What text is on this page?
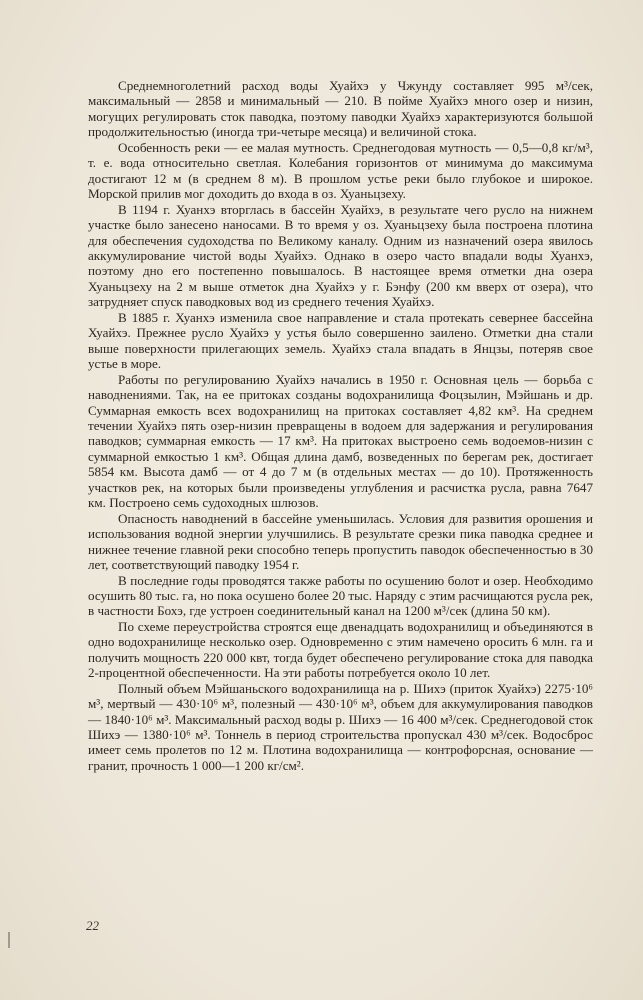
Среднемноголетний расход воды Хуайхэ у Чжунду составляет 995 м³/сек, максимальный — 2858 и минимальный — 210. В пойме Хуайхэ много озер и низин, могущих регулировать сток паводка, поэтому паводки Хуайхэ характеризуются большой продолжительностью (иногда три-четыре месяца) и величиной стока.

Особенность реки — ее малая мутность. Среднегодовая мутность — 0,5—0,8 кг/м³, т. е. вода относительно светлая. Колебания горизонтов от минимума до максимума достигают 12 м (в среднем 8 м). В прошлом устье реки было глубокое и широкое. Морской прилив мог доходить до входа в оз. Хуаньцзеху.

В 1194 г. Хуанхэ вторглась в бассейн Хуайхэ, в результате чего русло на нижнем участке было занесено наносами. В то время у оз. Хуаньцзеху была построена плотина для обеспечения судоходства по Великому каналу. Одним из назначений озера явилось аккумулирование чистой воды Хуайхэ. Однако в озеро часто впадали воды Хуанхэ, поэтому дно его постепенно повышалось. В настоящее время отметки дна озера Хуаньцзеху на 2 м выше отметок дна Хуайхэ у г. Бэнфу (200 км вверх от озера), что затрудняет спуск паводковых вод из среднего течения Хуайхэ.

В 1885 г. Хуанхэ изменила свое направление и стала протекать севернее бассейна Хуайхэ. Прежнее русло Хуайхэ у устья было совершенно заилено. Отметки дна стали выше поверхности прилегающих земель. Хуайхэ стала впадать в Янцзы, потеряв свое устье в море.

Работы по регулированию Хуайхэ начались в 1950 г. Основная цель — борьба с наводнениями. Так, на ее притоках созданы водохранилища Фоцзылин, Мэйшань и др. Суммарная емкость всех водохранилищ на притоках составляет 4,82 км³. На среднем течении Хуайхэ пять озер-низин превращены в водоем для задержания и регулирования паводков; суммарная емкость — 17 км³. На притоках выстроено семь водоемов-низин с суммарной емкостью 1 км³. Общая длина дамб, возведенных по берегам рек, достигает 5854 км. Высота дамб — от 4 до 7 м (в отдельных местах — до 10). Протяженность участков рек, на которых были произведены углубления и расчистка русла, равна 7647 км. Построено семь судоходных шлюзов.

Опасность наводнений в бассейне уменьшилась. Условия для развития орошения и использования водной энергии улучшились. В результате срезки пика паводка среднее и нижнее течение главной реки способно теперь пропустить паводок обеспеченностью в 30 лет, соответствующий паводку 1954 г.

В последние годы проводятся также работы по осушению болот и озер. Необходимо осушить 80 тыс. га, но пока осушено более 20 тыс. Наряду с этим расчищаются русла рек, в частности Бохэ, где устроен соединительный канал на 1200 м³/сек (длина 50 км).

По схеме переустройства строятся еще двенадцать водохранилищ и объединяются в одно водохранилище несколько озер. Одновременно с этим намечено оросить 6 млн. га и получить мощность 220 000 квт, тогда будет обеспечено регулирование стока для паводка 2-процентной обеспеченности. На эти работы потребуется около 10 лет.

Полный объем Мэйшаньского водохранилища на р. Шихэ (приток Хуайхэ) 2275·10⁶ м³, мертвый — 430·10⁶ м³, полезный — 430·10⁶ м³, объем для аккумулирования паводков — 1840·10⁶ м³. Максимальный расход воды р. Шихэ — 16 400 м³/сек. Среднегодовой сток Шихэ — 1380·10⁶ м³. Тоннель в период строительства пропускал 430 м³/сек. Водосброс имеет семь пролетов по 12 м. Плотина водохранилища — контрофорсная, основание — гранит, прочность 1 000—1 200 кг/см².

22
